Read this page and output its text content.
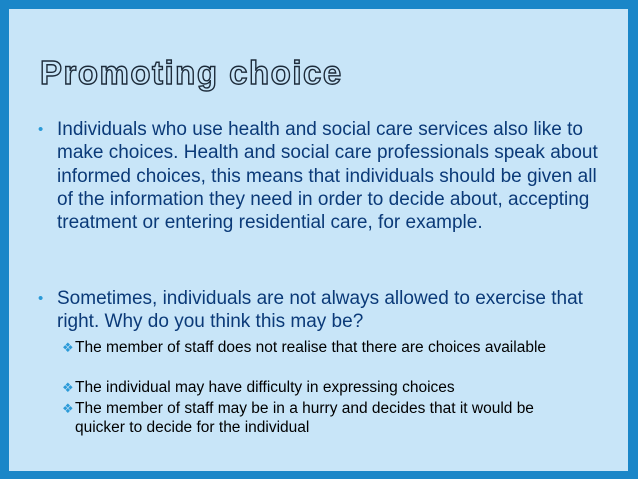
Promoting choice
• Individuals who use health and social care services also like to make choices. Health and social care professionals speak about informed choices, this means that individuals should be given all of the information they need in order to decide about, accepting treatment or entering residential care, for example.
• Sometimes, individuals are not always allowed to exercise that right. Why do you think this may be?
❖ The member of staff does not realise that there are choices available
❖ The individual may have difficulty in expressing choices
❖ The member of staff may be in a hurry and decides that it would be quicker to decide for the individual
